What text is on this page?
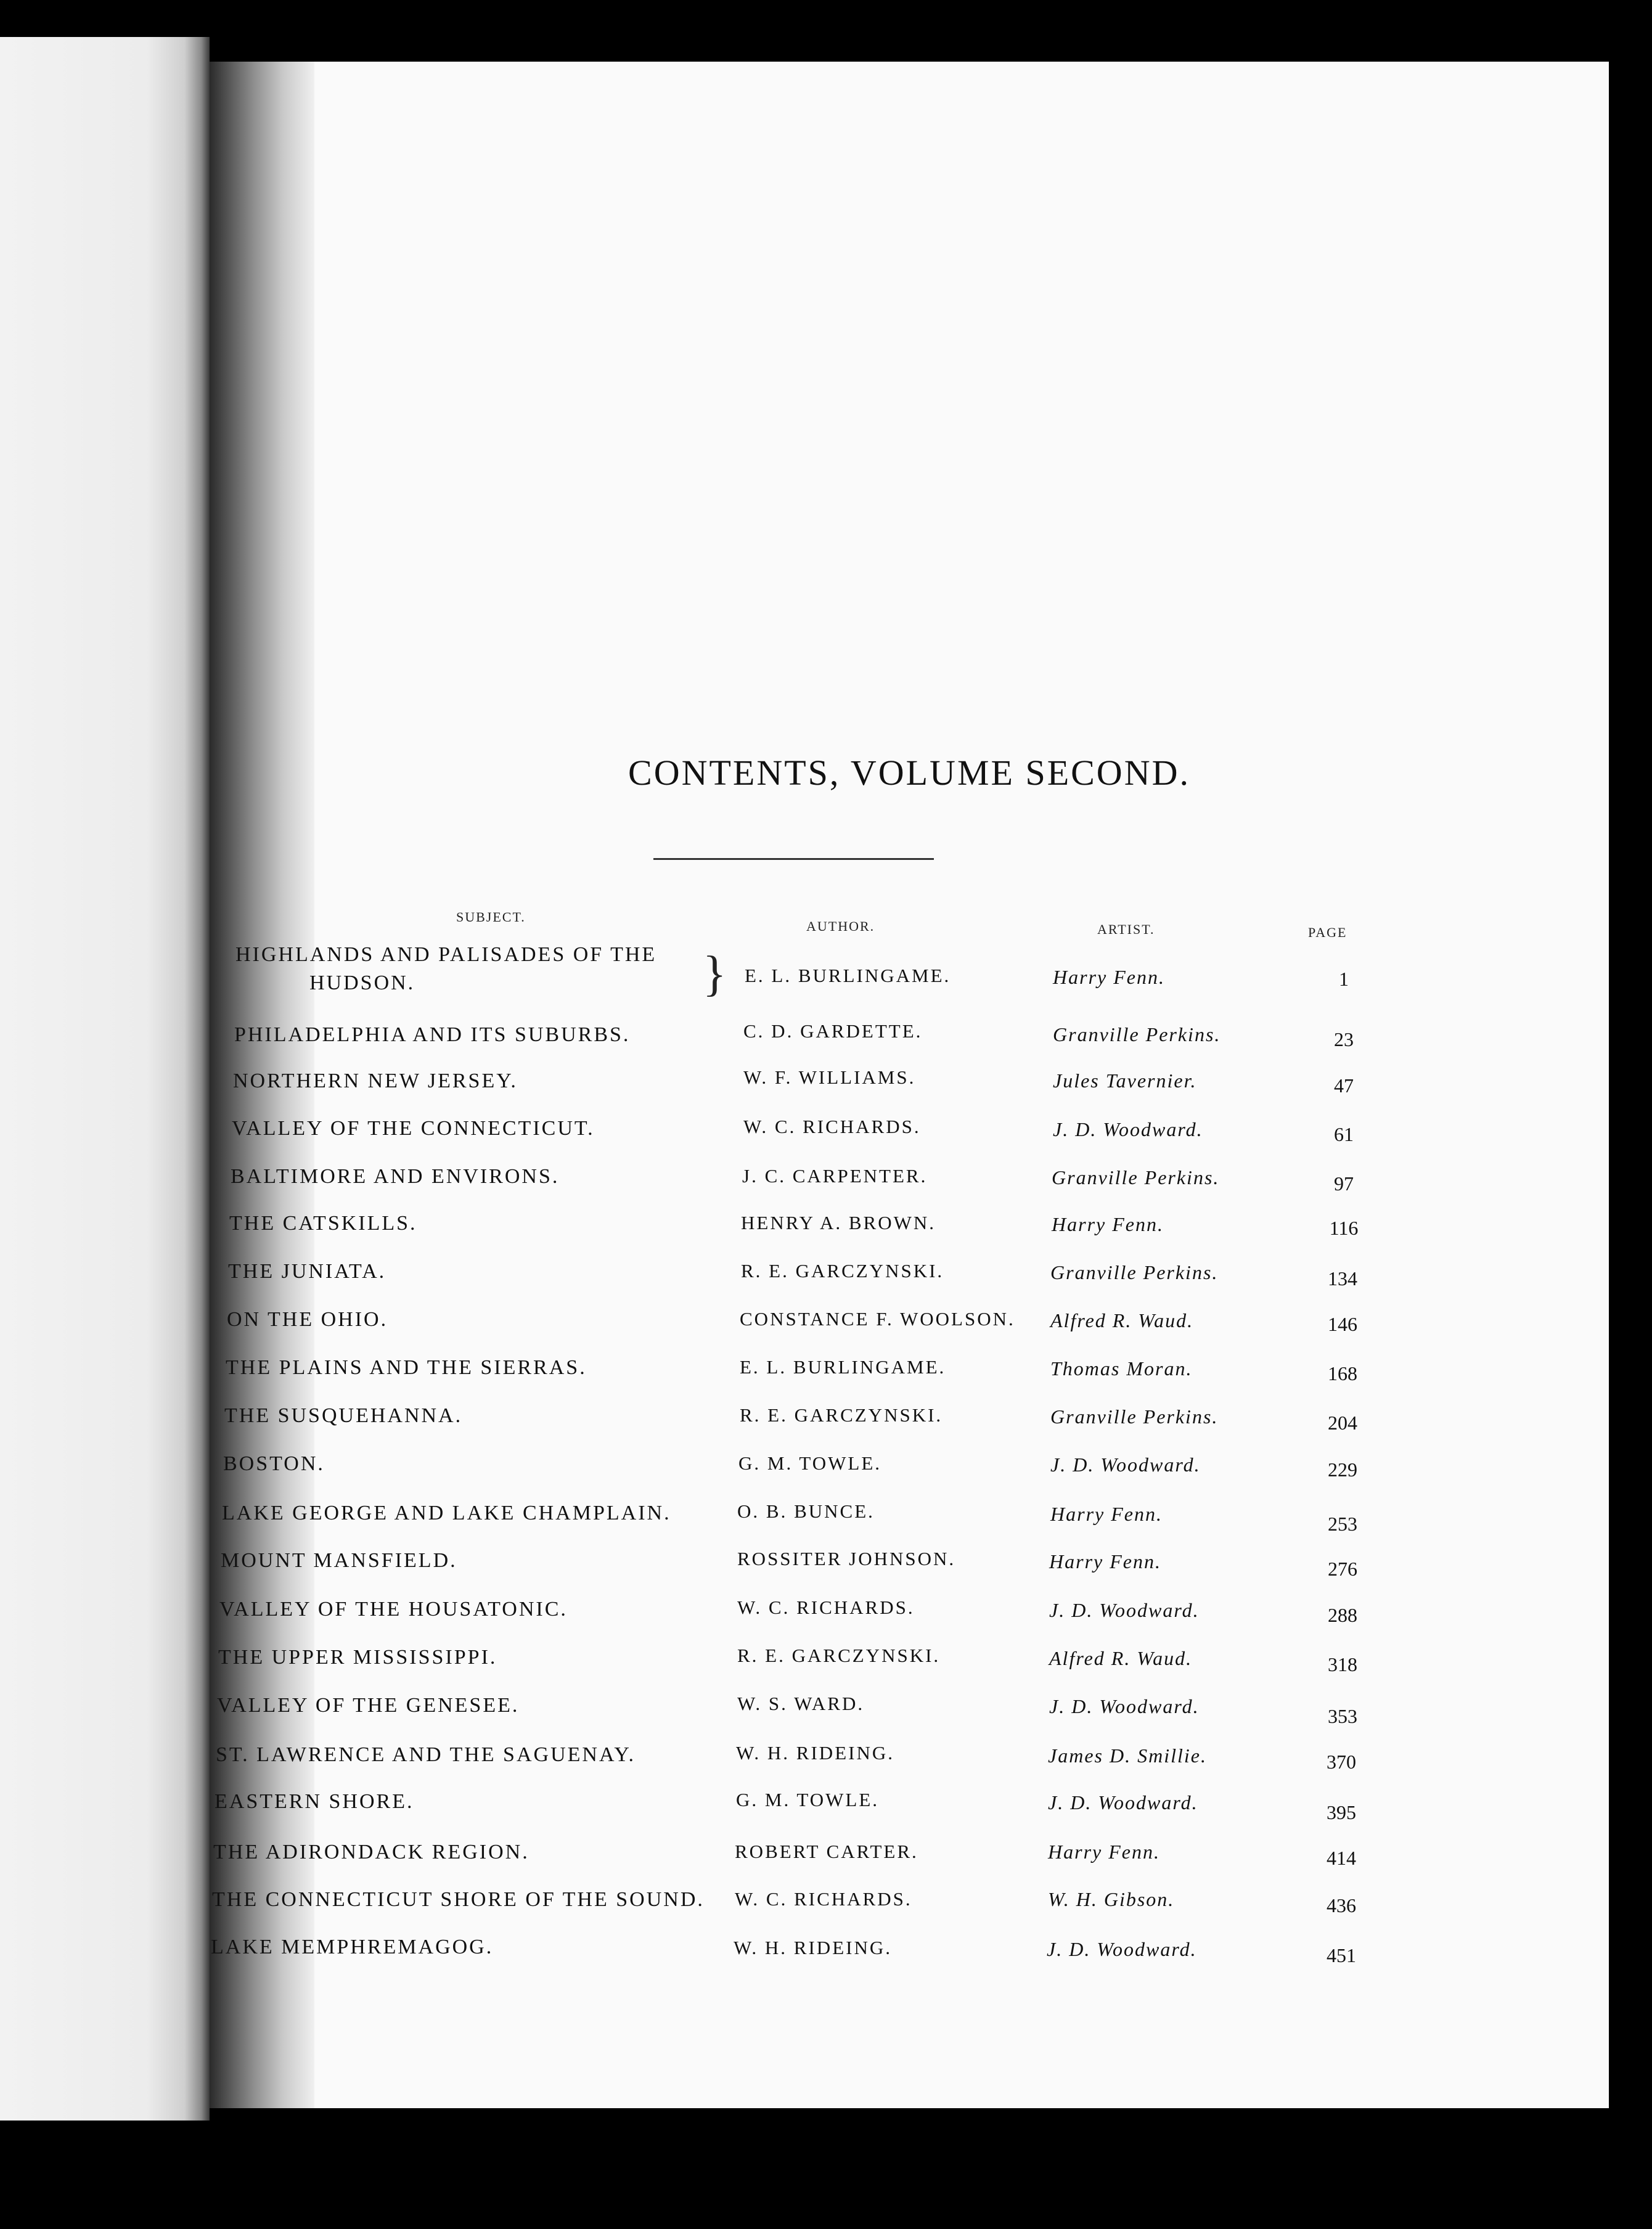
CONTENTS, VOLUME SECOND.
SUBJECT.
AUTHOR.	ARTIST.	PAGE
HIGHLANDS AND PALISADES OF THE
HUDSON.	} E. L. BURLINGAME.	Harry Fenn.	1
PHILADELPHIA AND ITS SUBURBS.	C. D. GARDETTE.	Granville Perkins.	23
NORTHERN NEW JERSEY.	W. F. WILLIAMS.	Jules Tavernier.	47
VALLEY OF THE CONNECTICUT.	W. C. RICHARDS.	J. D. Woodward.	61
BALTIMORE AND ENVIRONS.	J. C. CARPENTER.	Granville Perkins.	97
THE CATSKILLS.	HENRY A. BROWN.	Harry Fenn.	116
THE JUNIATA.	R. E. GARCZYNSKI.	Granville Perkins.	134
ON THE OHIO.	CONSTANCE F. WOOLSON. Alfred R. Waud.	146
THE PLAINS AND THE SIERRAS.	E. L. BURLINGAME.	Thomas Moran.	168
THE SUSQUEHANNA.	R. E. GARCZYNSKI.	Granville Perkins.	204
BOSTON.	G. M. TOWLE.	J. D. Woodward.	229
LAKE GEORGE AND LAKE CHAMPLAIN.	O. B. BUNCE.	Harry Fenn.	253
MOUNT MANSFIELD.	ROSSITER JOHNSON.	Harry Fenn.	276
VALLEY OF THE HOUSATONIC.	W. C. RICHARDS.	J. D. Woodward.	288
THE UPPER MISSISSIPPI.	R. E. GARCZYNSKI.	Alfred R. Waud.	318
VALLEY OF THE GENESEE.	W. S. WARD.	J. D. Woodward.	353
ST. LAWRENCE AND THE SAGUENAY.	W. H. RIDEING.	James D. Smillie.	370
EASTERN SHORE.	G. M. TOWLE.	J. D. Woodward.	395
THE ADIRONDACK REGION.	ROBERT CARTER.	Harry Fenn.	414
THE CONNECTICUT SHORE OF THE SOUND. W. C. RICHARDS.	W. H. Gibson.	436
LAKE MEMPHREMAGOG.	W. H. RIDEING.	J. D. Woodward.	451
